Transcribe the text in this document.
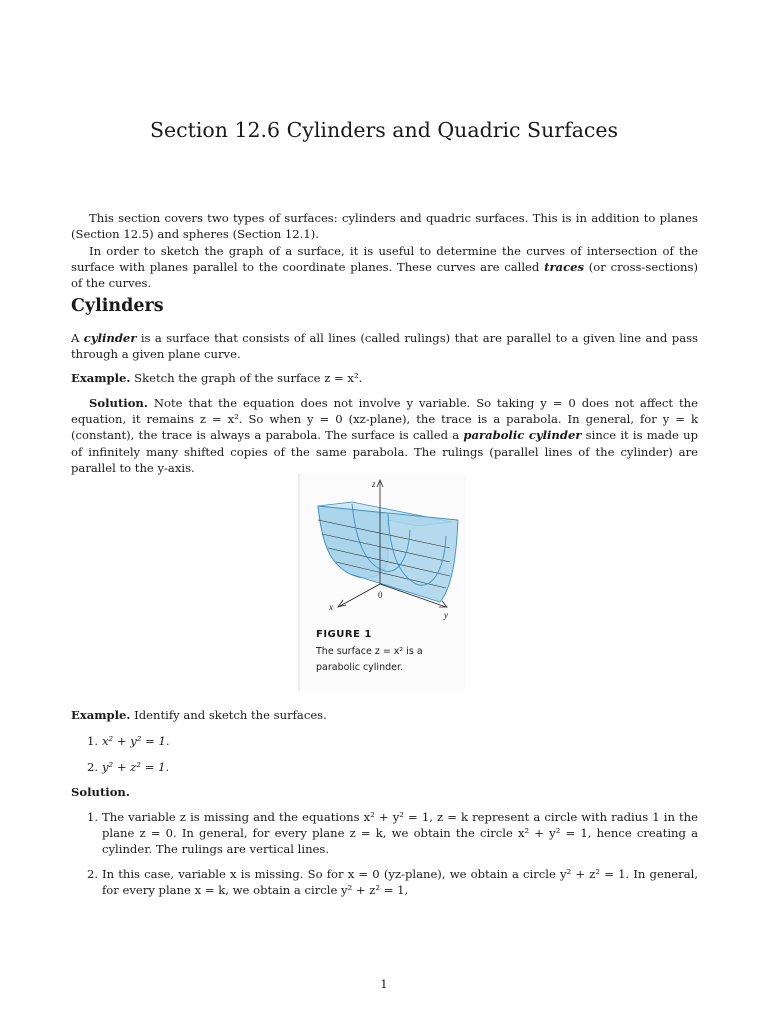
Section 12.6 Cylinders and Quadric Surfaces

This section covers two types of surfaces: cylinders and quadric surfaces. This is in addition to planes (Section 12.5) and spheres (Section 12.1).

In order to sketch the graph of a surface, it is useful to determine the curves of intersection of the surface with planes parallel to the coordinate planes. These curves are called traces (or cross-sections) of the curves.

Cylinders

A cylinder is a surface that consists of all lines (called rulings) that are parallel to a given line and pass through a given plane curve.

Example. Sketch the graph of the surface z = x².

Solution. Note that the equation does not involve y variable. So taking y = 0 does not affect the equation, it remains z = x². So when y = 0 (xz-plane), the trace is a parabola. In general, for y = k (constant), the trace is always a parabola. The surface is called a parabolic cylinder since it is made up of infinitely many shifted copies of the same parabola. The rulings (parallel lines of the cylinder) are parallel to the y-axis.

z
x
y
0

FIGURE 1

The surface z = x² is a parabolic cylinder.

Example. Identify and sketch the surfaces.

1. x² + y² = 1.
2. y² + z² = 1.

Solution.

1. The variable z is missing and the equations x² + y² = 1, z = k represent a circle with radius 1 in the plane z = 0. In general, for every plane z = k, we obtain the circle x² + y² = 1, hence creating a cylinder. The rulings are vertical lines.
2. In this case, variable x is missing. So for x = 0 (yz-plane), we obtain a circle y² + z² = 1. In general, for every plane x = k, we obtain a circle y² + z² = 1,
1
